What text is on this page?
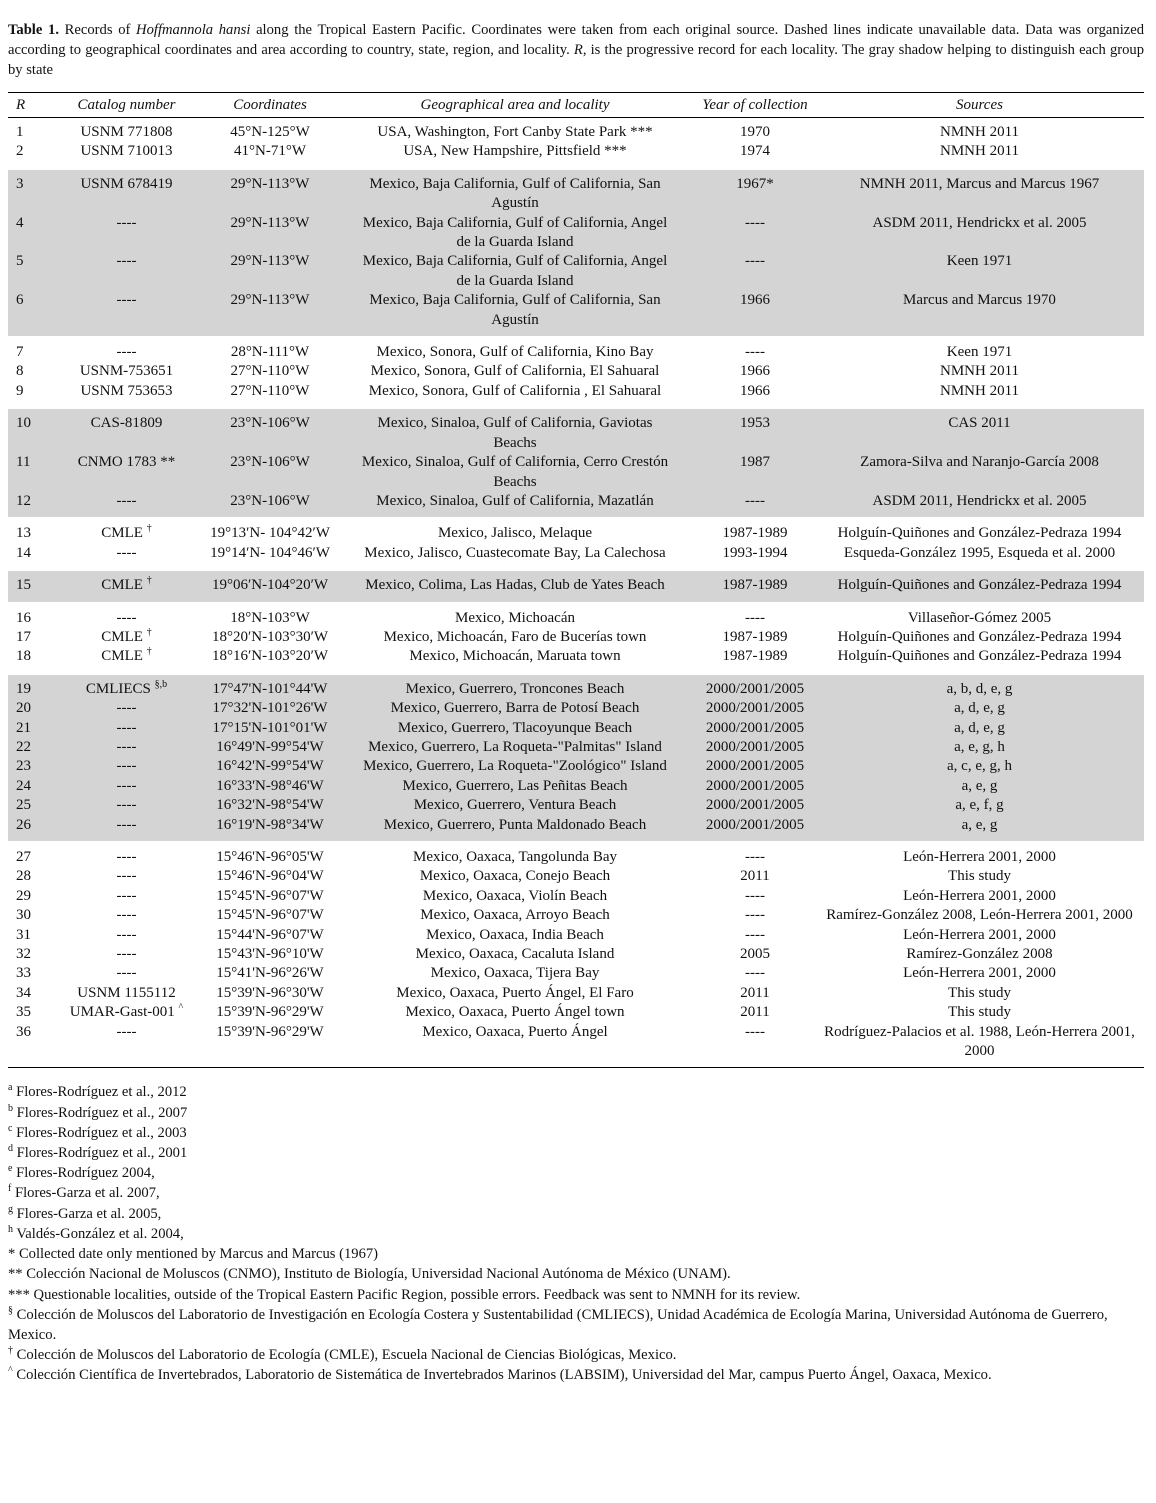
Table 1. Records of Hoffmannola hansi along the Tropical Eastern Pacific. Coordinates were taken from each original source. Dashed lines indicate unavailable data. Data was organized according to geographical coordinates and area according to country, state, region, and locality. R, is the progressive record for each locality. The gray shadow helping to distinguish each group by state
R	Catalog number	Coordinates	Geographical area and locality	Year of collection	Sources
1	USNM 771808	45°N-125°W	USA, Washington, Fort Canby State Park ***	1970	NMNH 2011
2	USNM 710013	41°N-71°W	USA, New Hampshire, Pittsfield ***	1974	NMNH 2011
3	USNM 678419	29°N-113°W	Mexico, Baja California, Gulf of California, San Agustín	1967*	NMNH 2011, Marcus and Marcus 1967
4	----	29°N-113°W	Mexico, Baja California, Gulf of California, Angel de la Guarda Island	----	ASDM 2011, Hendrickx et al. 2005
5	----	29°N-113°W	Mexico, Baja California, Gulf of California, Angel de la Guarda Island	----	Keen 1971
6	----	29°N-113°W	Mexico, Baja California, Gulf of California, San Agustín	1966	Marcus and Marcus 1970
7	----	28°N-111°W	Mexico, Sonora, Gulf of California, Kino Bay	----	Keen 1971
8	USNM-753651	27°N-110°W	Mexico, Sonora, Gulf of California, El Sahuaral	1966	NMNH 2011
9	USNM 753653	27°N-110°W	Mexico, Sonora, Gulf of California , El Sahuaral	1966	NMNH 2011
10	CAS-81809	23°N-106°W	Mexico, Sinaloa, Gulf of California, Gaviotas Beachs	1953	CAS 2011
11	CNMO 1783 **	23°N-106°W	Mexico, Sinaloa, Gulf of California, Cerro Crestón Beachs	1987	Zamora-Silva and Naranjo-García 2008
12	----	23°N-106°W	Mexico, Sinaloa, Gulf of California, Mazatlán	----	ASDM 2011, Hendrickx et al. 2005
13	CMLE †	19°13′N- 104°42′W	Mexico, Jalisco, Melaque	1987-1989	Holguín-Quiñones and González-Pedraza 1994
14	----	19°14′N- 104°46′W	Mexico, Jalisco, Cuastecomate Bay, La Calechosa	1993-1994	Esqueda-González 1995, Esqueda et al. 2000
15	CMLE †	19°06′N-104°20′W	Mexico, Colima, Las Hadas, Club de Yates Beach	1987-1989	Holguín-Quiñones and González-Pedraza 1994
16	----	18°N-103°W	Mexico, Michoacán	----	Villaseñor-Gómez 2005
17	CMLE †	18°20′N-103°30′W	Mexico, Michoacán, Faro de Bucerías town	1987-1989	Holguín-Quiñones and González-Pedraza 1994
18	CMLE †	18°16′N-103°20′W	Mexico, Michoacán, Maruata town	1987-1989	Holguín-Quiñones and González-Pedraza 1994
19	CMLIECS $^{\S,b}$	17°47'N-101°44'W	Mexico, Guerrero, Troncones Beach	2000/2001/2005	a, b, d, e, g
20	----	17°32'N-101°26'W	Mexico, Guerrero, Barra de Potosí Beach	2000/2001/2005	a, d, e, g
21	----	17°15'N-101°01'W	Mexico, Guerrero, Tlacoyunque Beach	2000/2001/2005	a, d, e, g
22	----	16°49'N-99°54'W	Mexico, Guerrero, La Roqueta-"Palmitas" Island	2000/2001/2005	a, e, g, h
23	----	16°42'N-99°54'W	Mexico, Guerrero, La Roqueta-"Zoológico" Island	2000/2001/2005	a, c, e, g, h
24	----	16°33'N-98°46'W	Mexico, Guerrero, Las Peñitas Beach	2000/2001/2005	a, e, g
25	----	16°32'N-98°54'W	Mexico, Guerrero, Ventura Beach	2000/2001/2005	a, e, f, g
26	----	16°19'N-98°34'W	Mexico, Guerrero, Punta Maldonado Beach	2000/2001/2005	a, e, g
27	----	15°46'N-96°05'W	Mexico, Oaxaca, Tangolunda Bay	----	León-Herrera 2001, 2000
28	----	15°46'N-96°04'W	Mexico, Oaxaca, Conejo Beach	2011	This study
29	----	15°45'N-96°07'W	Mexico, Oaxaca, Violín Beach	----	León-Herrera 2001, 2000
30	----	15°45'N-96°07'W	Mexico, Oaxaca, Arroyo Beach	----	Ramírez-González 2008, León-Herrera 2001, 2000
31	----	15°44'N-96°07'W	Mexico, Oaxaca, India Beach	----	León-Herrera 2001, 2000
32	----	15°43'N-96°10'W	Mexico, Oaxaca, Cacaluta Island	2005	Ramírez-González 2008
33	----	15°41'N-96°26'W	Mexico, Oaxaca, Tijera Bay	----	León-Herrera 2001, 2000
34	USNM 1155112	15°39'N-96°30'W	Mexico, Oaxaca, Puerto Ángel, El Faro	2011	This study
35	UMAR-Gast-001 ^	15°39'N-96°29'W	Mexico, Oaxaca, Puerto Ángel town	2011	This study
36	----	15°39'N-96°29'W	Mexico, Oaxaca, Puerto Ángel	----	Rodríguez-Palacios et al. 1988, León-Herrera 2001, 2000
$^a$ Flores-Rodríguez et al., 2012
$^b$ Flores-Rodríguez et al., 2007
$^c$ Flores-Rodríguez et al., 2003
$^d$ Flores-Rodríguez et al., 2001
$^e$ Flores-Rodríguez 2004,
$^f$ Flores-Garza et al. 2007,
$^g$ Flores-Garza et al. 2005,
$^h$ Valdés-González et al. 2004,
* Collected date only mentioned by Marcus and Marcus (1967)
** Colección Nacional de Moluscos (CNMO), Instituto de Biología, Universidad Nacional Autónoma de México (UNAM).
*** Questionable localities, outside of the Tropical Eastern Pacific Region, possible errors. Feedback was sent to NMNH for its review.
§ Colección de Moluscos del Laboratorio de Investigación en Ecología Costera y Sustentabilidad (CMLIECS), Unidad Académica de Ecología Marina, Universidad Autónoma de Guerrero, Mexico.
† Colección de Moluscos del Laboratorio de Ecología (CMLE), Escuela Nacional de Ciencias Biológicas, Mexico.
^ Colección Científica de Invertebrados, Laboratorio de Sistemática de Invertebrados Marinos (LABSIM), Universidad del Mar, campus Puerto Ángel, Oaxaca, Mexico.
